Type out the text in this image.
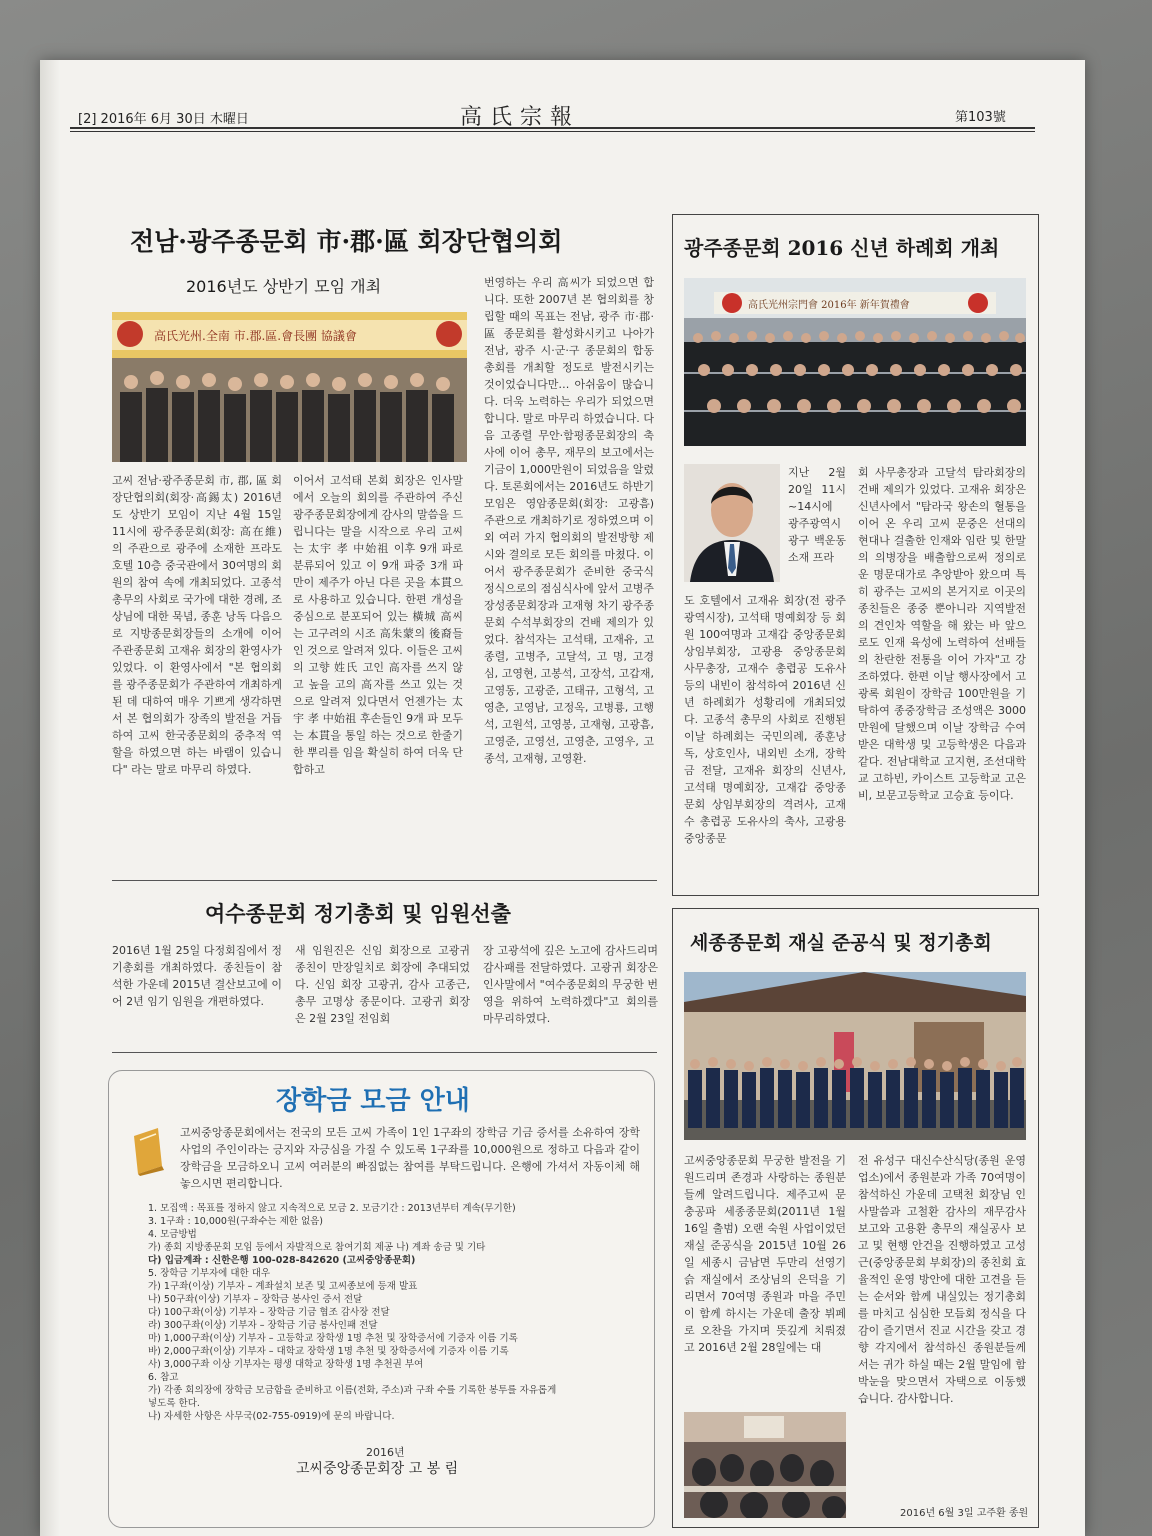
[2] 2016年 6月 30日 木曜日	高氏宗報	第103號
전남·광주종문회 市·郡·區 회장단협의회
2016년도 상반기 모임 개최
高氏光州.全南 市.郡.區.會長團 協議會
고씨 전남·광주종문회 市, 郡, 區 회장단협의회(회장·高錫太) 2016년도 상반기 모임이 지난 4월 15일 11시에 광주종문회(회장: 高在維) 의 주관으로 광주에 소재한 프라도호텔 10층 중국관에서 30여명의 회원의 참여 속에 개최되었다. 고종석 총무의 사회로 국가에 대한 경례, 조상님에 대한 묵념, 종훈 낭독 다음으로 지방종문회장들의 소개에 이어 주관종문회 고재유 회장의 환영사가 있었다. 이 환영사에서 "본 협의회를 광주종문회가 주관하여 개최하게 된 데 대하여 매우 기쁘게 생각하면서 본 협의회가 장족의 발전을 거듭하여 고씨 한국종문회의 중추적 역할을 하였으면 하는 바램이 있습니다" 라는 말로 마무리 하였다.
이어서 고석태 본회 회장은 인사말에서 오늘의 회의를 주관하여 주신 광주종문회장에게 감사의 말씀을 드립니다는 말을 시작으로 우리 고씨는 太宇 孝 中始祖 이후 9개 파로 분류되어 있고 이 9개 파중 3개 파만이 제주가 아닌 다른 곳을 本貫으로 사용하고 있습니다. 한편 개성을 중심으로 분포되어 있는 橫城 高씨는 고구려의 시조 高朱蒙의 後裔들인 것으로 알려져 있다. 이들은 고씨의 고향 姓氏 고인 高자를 쓰지 않고 높을 고의 高자를 쓰고 있는 것으로 알려져 있다면서 언젠가는 太宇 孝 中始祖 후손들인 9개 파 모두는 本貫을 통일 하는 것으로 한줄기 한 뿌리를 임을 확실히 하여 더욱 단합하고
번영하는 우리 高씨가 되었으면 합니다. 또한 2007년 본 협의회를 창립할 때의 목표는 전남, 광주 市·郡·區 종문회를 활성화시키고 나아가 전남, 광주 시·군·구 종문회의 합동총회를 개최할 정도로 발전시키는 것이었습니다만… 아쉬움이 많습니다. 더욱 노력하는 우리가 되었으면 합니다. 말로 마무리 하였습니다. 다음 고종렬 무안·함평종문회장의 축사에 이어 총무, 재무의 보고에서는 기금이 1,000만원이 되었음을 알렸다. 토론회에서는 2016년도 하반기 모임은 영암종문회(회장: 고광흠) 주관으로 개최하기로 정하였으며 이 외 여러 가지 협의회의 발전방향 제시와 결의로 모든 회의를 마쳤다. 이어서 광주종문회가 준비한 중국식 정식으로의 점심식사에 앞서 고병주 장성종문회장과 고재형 차기 광주종문회 수석부회장의 건배 제의가 있었다. 참석자는 고석태, 고재유, 고종렬, 고병주, 고달석, 고 명, 고경심, 고영현, 고봉석, 고장석, 고갑재, 고영동, 고광준, 고태규, 고형석, 고영춘, 고영남, 고정옥, 고병룡, 고행석, 고원석, 고영봉, 고재형, 고광흠, 고영준, 고영선, 고영춘, 고영우, 고종석, 고재형, 고영환.
여수종문회 정기총회 및 임원선출
2016년 1월 25일 다정회집에서 정기총회를 개최하였다. 종친들이 참석한 가운데 2015년 결산보고에 이어 2년 임기 임원을 개편하였다.
새 임원진은 신임 회장으로 고광귀 종친이 만장일치로 회장에 추대되었다. 신임 회장 고광귀, 감사 고종근, 총무 고명상 종문이다. 고광귀 회장은 2월 23일 전임회
장 고광석에 깊은 노고에 감사드리며 감사패를 전달하였다. 고광귀 회장은 인사말에서 "여수종문회의 무궁한 번영을 위하여 노력하겠다"고 회의를 마무리하였다.
장학금 모금 안내
고씨중앙종문회에서는 전국의 모든 고씨 가족이 1인 1구좌의 장학금 기금 증서를 소유하여 장학사업의 주인이라는 긍지와 자긍심을 가질 수 있도록 1구좌를 10,000원으로 정하고 다음과 같이 장학금을 모금하오니 고씨 여러분의 빠짐없는 참여를 부탁드립니다. 은행에 가셔서 자동이체 해 놓으시면 편리합니다.
1. 모집액 : 목표를 정하지 않고 지속적으로 모금 2. 모금기간 : 2013년부터 계속(무기한)
3. 1구좌 : 10,000원(구좌수는 제한 없음)
4. 모금방법
가) 종회 지방종문회 모임 등에서 자발적으로 참여기회 제공 나) 계좌 송금 및 기타
다) 입금계좌 : 신한은행 100-028-842620 (고씨중앙종문회)
5. 장학금 기부자에 대한 대우
가) 1구좌(이상) 기부자 – 계좌설치 보존 및 고씨종보에 등재 발표
나) 50구좌(이상) 기부자 – 장학금 봉사인 증서 전달
다) 100구좌(이상) 기부자 – 장학금 기금 협조 감사장 전달
라) 300구좌(이상) 기부자 – 장학금 기금 봉사인패 전달
마) 1,000구좌(이상) 기부자 – 고등학교 장학생 1명 추천 및 장학증서에 기증자 이름 기록
바) 2,000구좌(이상) 기부자 – 대학교 장학생 1명 추천 및 장학증서에 기증자 이름 기록
사) 3,000구좌 이상 기부자는 평생 대학교 장학생 1명 추천권 부여
6. 참고
가) 각종 회의장에 장학금 모금함을 준비하고 이름(전화, 주소)과 구좌 수를 기록한 봉투를 자유롭게
넣도록 한다.
나) 자세한 사항은 사무국(02-755-0919)에 문의 바랍니다.
2016년
고씨중앙종문회장 고 봉 림
광주종문회 2016 신년 하례회 개최
高氏光州宗門會 2016年 新年賀禮會
지난 2월 20일 11시~14시에 광주광역시 광구 백운동 소재 프라
도 호텔에서 고재유 회장(전 광주광역시장), 고석태 명예회장 등 회원 100여명과 고재갑 중앙종문회 상임부회장, 고광용 중앙종문회 사무총장, 고재수 총렵공 도유사 등의 내빈이 참석하여 2016년 신년 하례회가 성황리에 개최되었다. 고종석 총무의 사회로 진행된 이날 하례회는 국민의례, 종훈낭독, 상호인사, 내외빈 소개, 장학금 전달, 고재유 회장의 신년사, 고석태 명예회장, 고재갑 중앙종문회 상임부회장의 격려사, 고재수 총렵공 도유사의 축사, 고광용 중앙종문
회 사무총장과 고달석 탐라회장의 건배 제의가 있었다. 고재유 회장은 신년사에서 "탐라국 왕손의 혈통을 이어 온 우리 고씨 문중은 선대의 현대나 걸출한 인재와 임란 및 한말의 의병장을 배출함으로써 정의로운 명문대가로 추앙받아 왔으며 특히 광주는 고씨의 본거지로 이곳의 종친들은 종중 뿐아니라 지역발전의 견인차 역할을 해 왔는 바 앞으로도 인재 육성에 노력하여 선배들의 찬란한 전통을 이어 가자"고 강조하였다. 한편 이날 행사장에서 고광록 회원이 장학금 100만원을 기탁하여 종중장학금 조성액은 3000만원에 달했으며 이날 장학금 수여받은 대학생 및 고등학생은 다음과 같다. 전남대학교 고지현, 조선대학교 고하빈, 카이스트 고등학교 고은비, 보문고등학교 고승효 등이다.
세종종문회 재실 준공식 및 정기총회
고씨중앙종문회 무궁한 발전을 기원드리며 존경과 사랑하는 종원분들께 알려드립니다. 제주고씨 문충공파 세종종문회(2011년 1월 16일 출범) 오랜 숙원 사업이었던 재실 준공식을 2015년 10월 26일 세종시 금남면 두만리 선영기슭 재실에서 조상님의 은덕을 기리면서 70여명 종원과 마을 주민이 함께 하시는 가운데 출장 뷔페로 오찬을 가지며 뜻깊게 치뤄졌고 2016년 2월 28일에는 대
전 유성구 대신수산식당(종원 운영업소)에서 종원분과 가족 70여명이 참석하신 가운데 고택천 회장님 인사말씀과 고철환 감사의 재무감사보고와 고용환 총무의 재실공사 보고 및 현행 안건을 진행하였고 고성근(중앙종문회 부회장)의 종친회 효율적인 운영 방안에 대한 고견을 듣는 순서와 함께 내실있는 정기총회를 마치고 심심한 모듬회 정식을 다감이 즐기면서 진교 시간을 갖고 경향 각지에서 참석하신 종원분들께서는 귀가 하실 때는 2월 말임에 함박눈을 맞으면서 자택으로 이동했습니다. 감사합니다.
2016년 6월 3일 고주환 종원
